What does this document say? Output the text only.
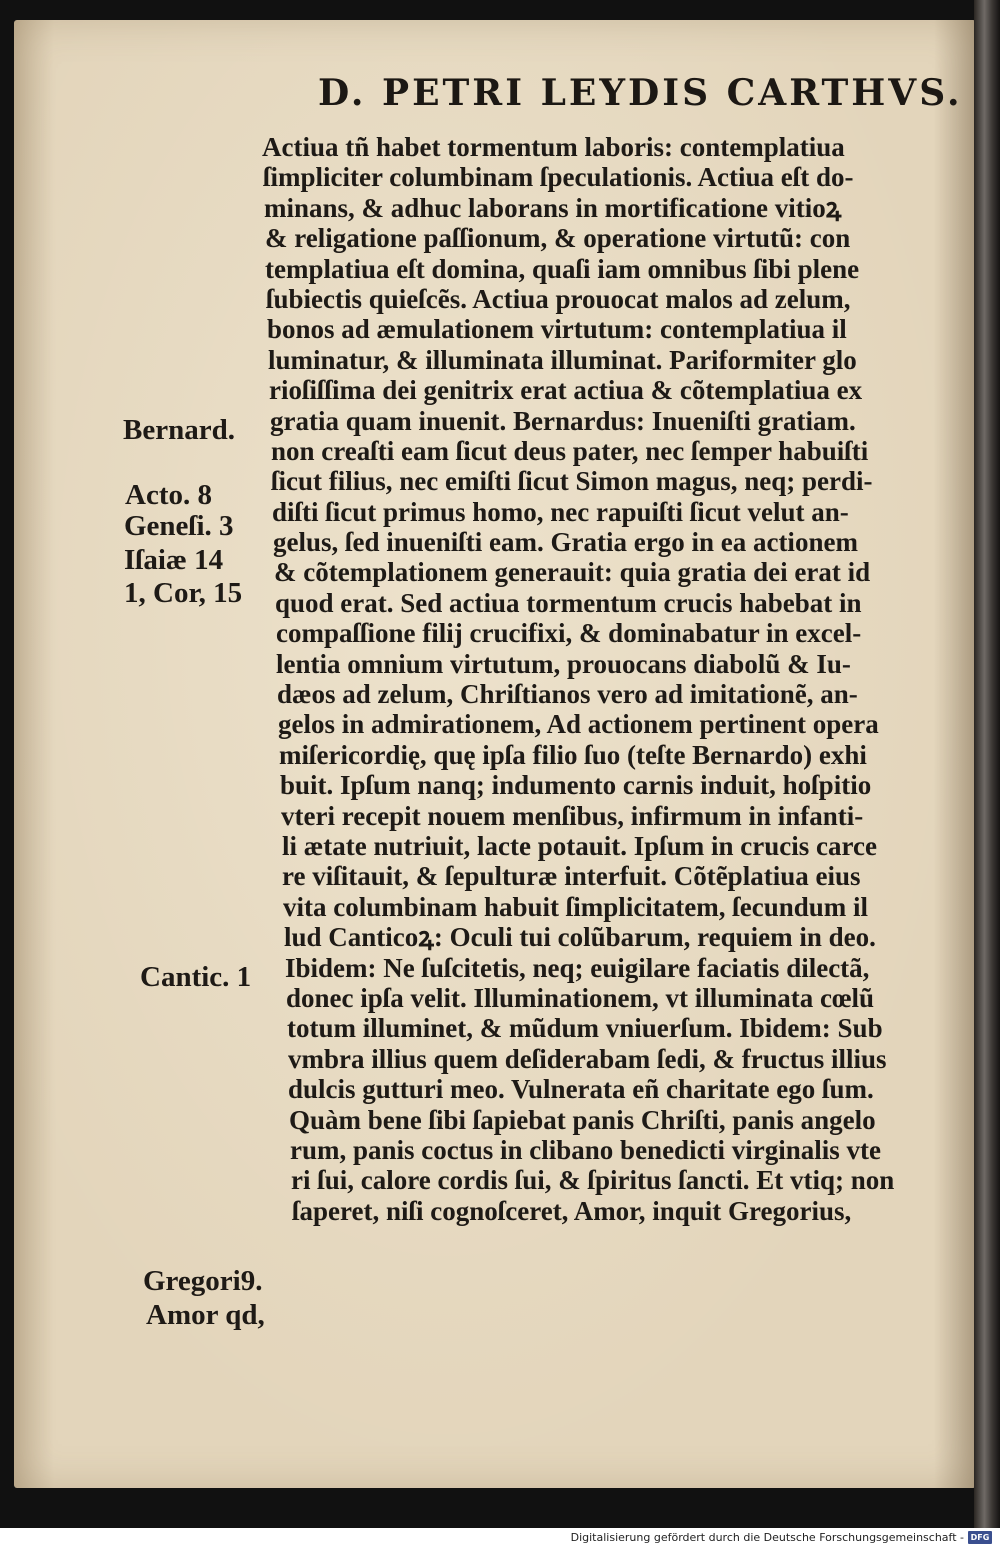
D. PETRI LEYDIS CARTHVS.
Actiua tñ habet tormentum laboris: contemplatiua
ſimpliciter columbinam ſpeculationis. Actiua eſt do-
minans, & adhuc laborans in mortificatione vitioꝝ
& religatione paſſionum, & operatione virtutũ: con
templatiua eſt domina, quaſi iam omnibus ſibi plene
ſubiectis quieſcẽs. Actiua prouocat malos ad zelum,
bonos ad æmulationem virtutum: contemplatiua il
luminatur, & illuminata illuminat. Pariformiter glo
rioſiſſima dei genitrix erat actiua & cõtemplatiua ex
gratia quam inuenit. Bernardus: Inueniſti gratiam.
non creaſti eam ſicut deus pater, nec ſemper habuiſti
ſicut filius, nec emiſti ſicut Simon magus, neq; perdi-
diſti ſicut primus homo, nec rapuiſti ſicut velut an-
gelus, ſed inueniſti eam. Gratia ergo in ea actionem
& cõtemplationem generauit: quia gratia dei erat id
quod erat. Sed actiua tormentum crucis habebat in
compaſſione filij crucifixi, & dominabatur in excel-
lentia omnium virtutum, prouocans diabolũ & Iu-
dæos ad zelum, Chriſtianos vero ad imitationẽ, an-
gelos in admirationem, Ad actionem pertinent opera
miſericordię, quę ipſa filio ſuo (teſte Bernardo) exhi
buit. Ipſum nanq; indumento carnis induit, hoſpitio
vteri recepit nouem menſibus, infirmum in infanti-
li ætate nutriuit, lacte potauit. Ipſum in crucis carce
re viſitauit, & ſepulturæ interfuit. Cõtẽplatiua eius
vita columbinam habuit ſimplicitatem, ſecundum il
lud Canticoꝝ: Oculi tui colũbarum, requiem in deo.
Ibidem: Ne ſuſcitetis, neq; euigilare faciatis dilectã,
donec ipſa velit. Illuminationem, vt illuminata cœlũ
totum illuminet, & mũdum vniuerſum. Ibidem: Sub
vmbra illius quem deſiderabam ſedi, & fructus illius
dulcis gutturi meo. Vulnerata eñ charitate ego ſum.
Quàm bene ſibi ſapiebat panis Chriſti, panis angelo
rum, panis coctus in clibano benedicti virginalis vte
ri ſui, calore cordis ſui, & ſpiritus ſancti. Et vtiq; non
ſaperet, niſi cognoſceret, Amor, inquit Gregorius,
Bernard.
Acto. 8
Geneſi. 3
Iſaiæ 14
1, Cor, 15
Cantic. 1
Gregori9.
Amor qd,
Digitalisierung gefördert durch die Deutsche Forschungsgemeinschaft - DFG
